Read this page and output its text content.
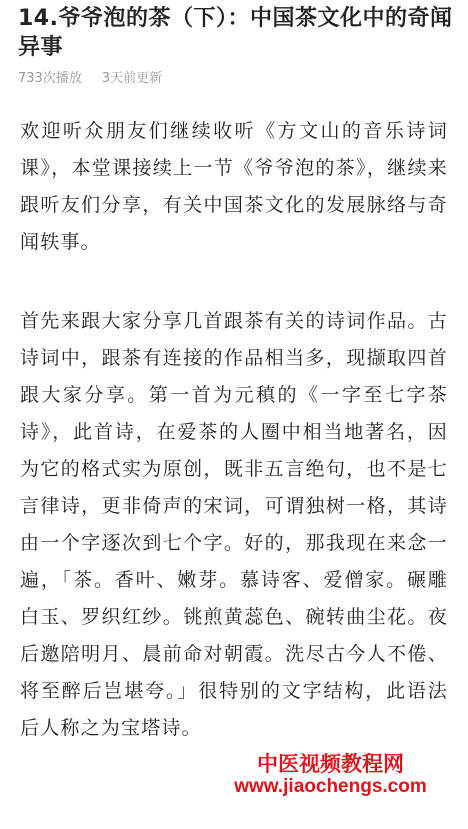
14.爷爷泡的茶（下）：中国茶文化中的奇闻异事
733次播放 3天前更新

欢迎听众朋友们继续收听《方文山的音乐诗词课》，本堂课接续上一节《爷爷泡的茶》，继续来跟听友们分享，有关中国茶文化的发展脉络与奇闻轶事。

首先来跟大家分享几首跟茶有关的诗词作品。古诗词中，跟茶有连接的作品相当多，现撷取四首跟大家分享。第一首为元稹的《一字至七字茶诗》，此首诗，在爱茶的人圈中相当地著名，因为它的格式实为原创，既非五言绝句，也不是七言律诗，更非倚声的宋词，可谓独树一格，其诗由一个字逐次到七个字。好的，那我现在来念一遍，「茶。香叶、嫩芽。慕诗客、爱僧家。碾雕白玉、罗织红纱。铫煎黄蕊色、碗转曲尘花。夜后邀陪明月、晨前命对朝霞。洗尽古今人不倦、将至醉后岂堪夸。」很特别的文字结构，此语法后人称之为宝塔诗。

中医视频教程网
www.jiaochengs.com
